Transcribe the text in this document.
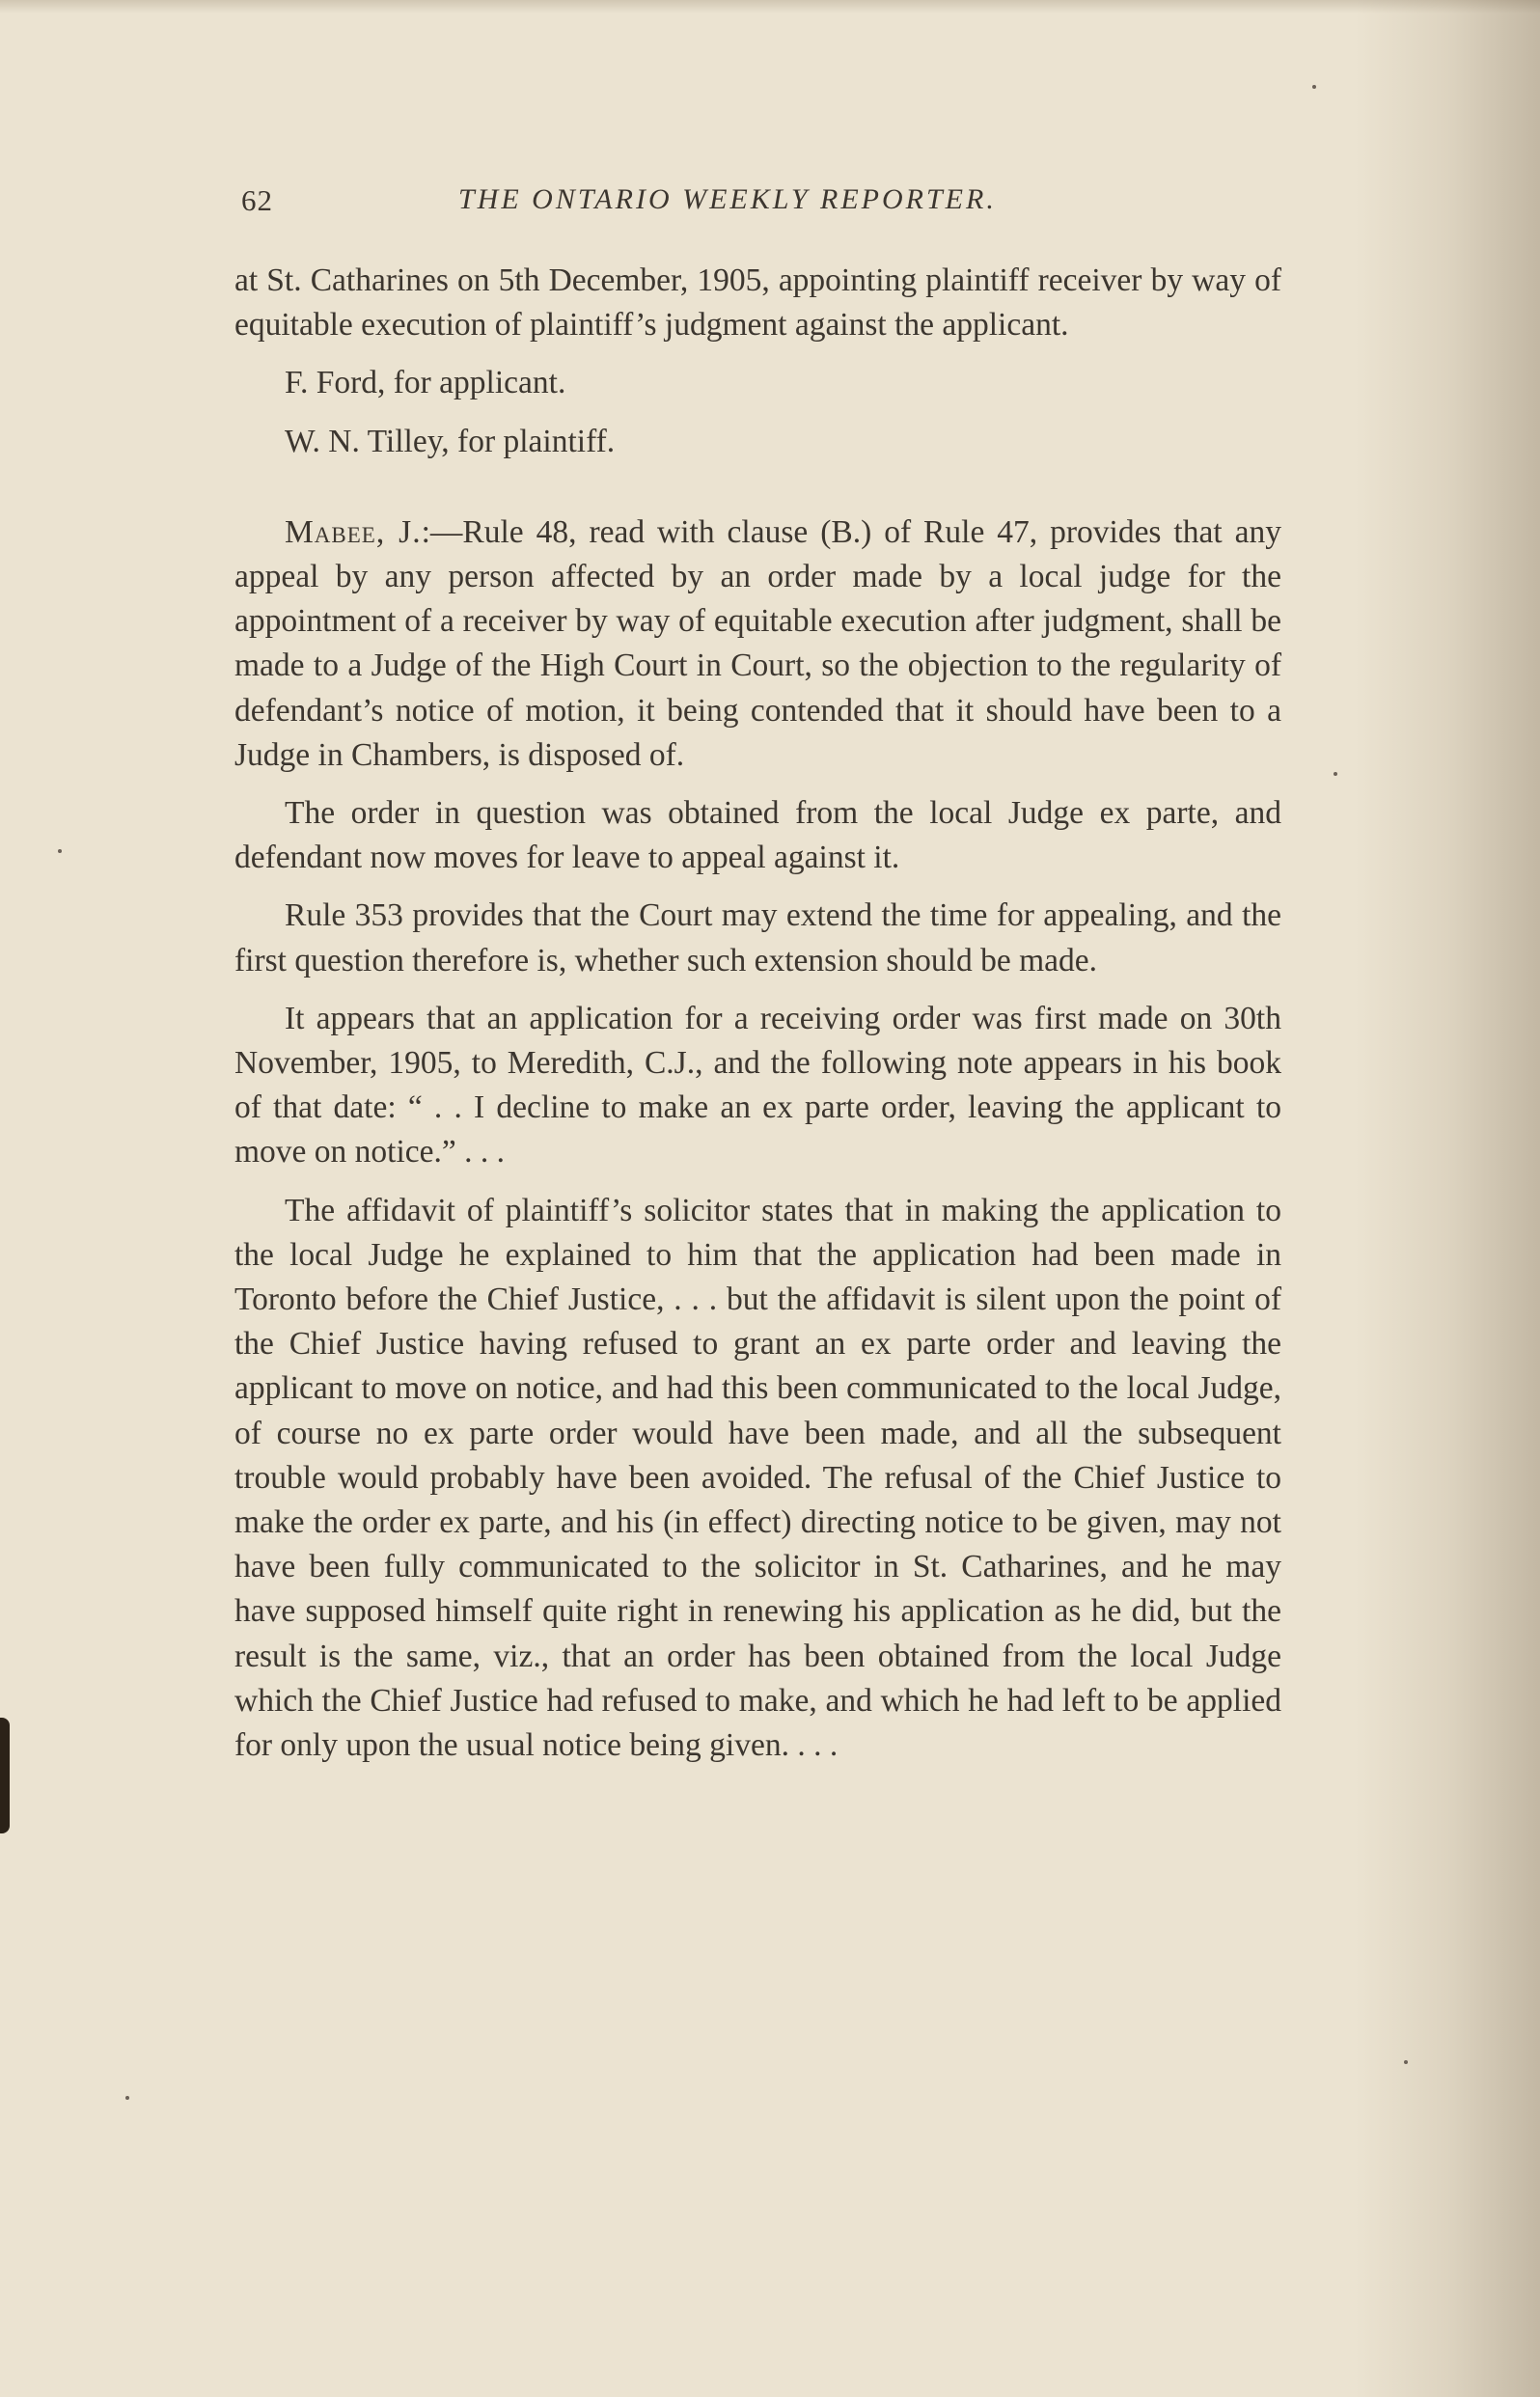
62	THE ONTARIO WEEKLY REPORTER.

at St. Catharines on 5th December, 1905, appointing plaintiff receiver by way of equitable execution of plaintiff’s judgment against the applicant.

F. Ford, for applicant.

W. N. Tilley, for plaintiff.

Mabee, J.:—Rule 48, read with clause (B.) of Rule 47, provides that any appeal by any person affected by an order made by a local judge for the appointment of a receiver by way of equitable execution after judgment, shall be made to a Judge of the High Court in Court, so the objection to the regularity of defendant’s notice of motion, it being contended that it should have been to a Judge in Chambers, is disposed of.

The order in question was obtained from the local Judge ex parte, and defendant now moves for leave to appeal against it.

Rule 353 provides that the Court may extend the time for appealing, and the first question therefore is, whether such extension should be made.

It appears that an application for a receiving order was first made on 30th November, 1905, to Meredith, C.J., and the following note appears in his book of that date: “ . . I decline to make an ex parte order, leaving the applicant to move on notice.” . . .

The affidavit of plaintiff’s solicitor states that in making the application to the local Judge he explained to him that the application had been made in Toronto before the Chief Justice, . . . but the affidavit is silent upon the point of the Chief Justice having refused to grant an ex parte order and leaving the applicant to move on notice, and had this been communicated to the local Judge, of course no ex parte order would have been made, and all the subsequent trouble would probably have been avoided. The refusal of the Chief Justice to make the order ex parte, and his (in effect) directing notice to be given, may not have been fully communicated to the solicitor in St. Catharines, and he may have supposed himself quite right in renewing his application as he did, but the result is the same, viz., that an order has been obtained from the local Judge which the Chief Justice had refused to make, and which he had left to be applied for only upon the usual notice being given. . . .
